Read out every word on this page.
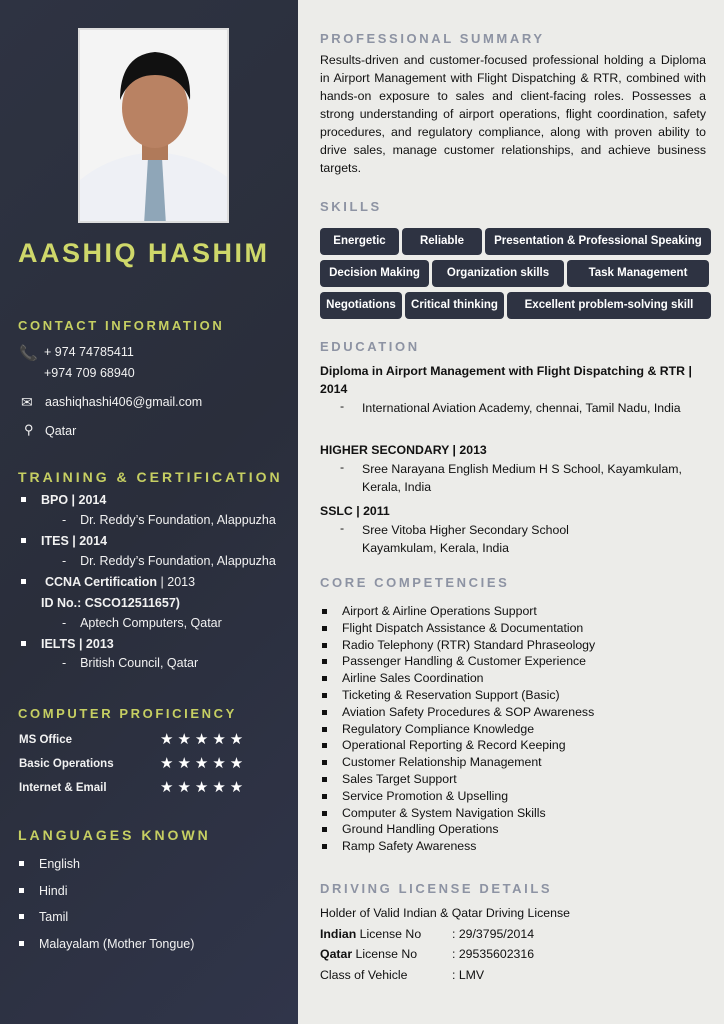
AASHIQ HASHIM
CONTACT INFORMATION
📞 + 974 74785411
+974 709 68940
✉ aashiqhashi406@gmail.com
⚲ Qatar
TRAINING & CERTIFICATION
BPO | 2014
-    Dr. Reddy’s Foundation, Alappuzha
ITES | 2014
-    Dr. Reddy’s Foundation, Alappuzha
CCNA Certification | 2013
ID No.: CSCO12511657)
-    Aptech Computers, Qatar
IELTS | 2013
-    British Council, Qatar
COMPUTER PROFICIENCY
MS Office	★★★★★
Basic Operations	★★★★★
Internet & Email	★★★★★
LANGUAGES KNOWN
English
Hindi
Tamil
Malayalam (Mother Tongue)
PROFESSIONAL SUMMARY
Results-driven and customer-focused professional holding a Diploma in Airport Management with Flight Dispatching & RTR, combined with hands-on exposure to sales and client-facing roles. Possesses a strong understanding of airport operations, flight coordination, safety procedures, and regulatory compliance, along with proven ability to drive sales, manage customer relationships, and achieve business targets.
SKILLS
Energetic	Reliable	Presentation & Professional Speaking
Decision Making	Organization skills	Task Management
Negotiations	Critical thinking	Excellent problem-solving skill
EDUCATION
Diploma in Airport Management with Flight Dispatching & RTR | 2014
- International Aviation Academy, chennai, Tamil Nadu, India
HIGHER SECONDARY | 2013
- Sree Narayana English Medium H S School, Kayamkulam, Kerala, India
SSLC | 2011
- Sree Vitoba Higher Secondary School Kayamkulam, Kerala, India
CORE COMPETENCIES
Airport & Airline Operations Support
Flight Dispatch Assistance & Documentation
Radio Telephony (RTR) Standard Phraseology
Passenger Handling & Customer Experience
Airline Sales Coordination
Ticketing & Reservation Support (Basic)
Aviation Safety Procedures & SOP Awareness
Regulatory Compliance Knowledge
Operational Reporting & Record Keeping
Customer Relationship Management
Sales Target Support
Service Promotion & Upselling
Computer & System Navigation Skills
Ground Handling Operations
Ramp Safety Awareness
DRIVING LICENSE DETAILS
Holder of Valid Indian & Qatar Driving License
Indian License No	: 29/3795/2014
Qatar License No	: 29535602316
Class of Vehicle	: LMV
